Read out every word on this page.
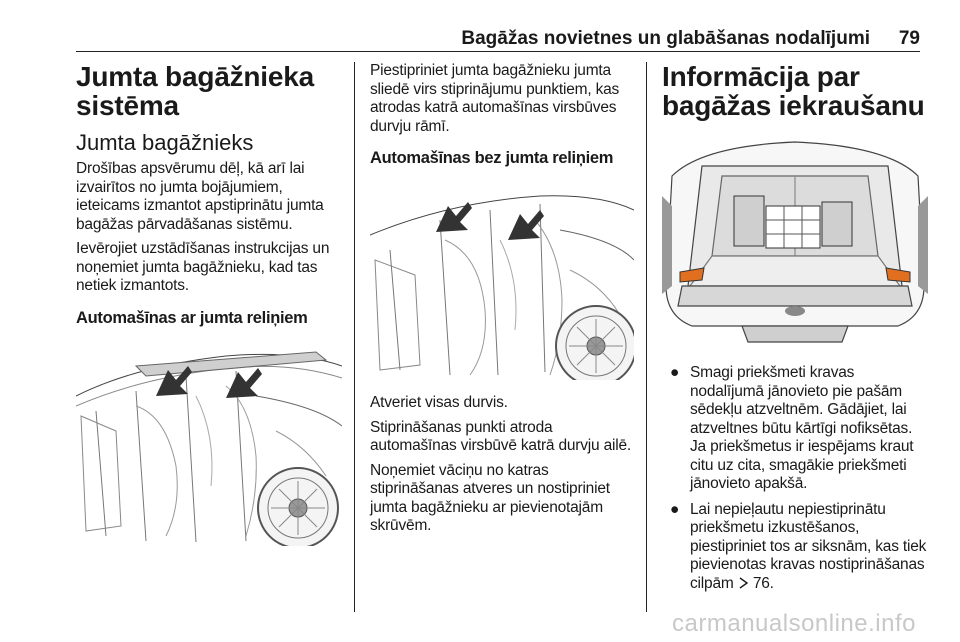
Bagāžas novietnes un glabāšanas nodalījumi 79
Jumta bagāžnieka sistēma
Jumta bagāžnieks

Drošības apsvērumu dēļ, kā arī lai izvairītos no jumta bojājumiem, ieteicams izmantot apstiprinātu jumta bagāžas pārvadāšanas sistēmu.

Ievērojiet uzstādīšanas instrukcijas un noņemiet jumta bagāžnieku, kad tas netiek izmantots.

Automašīnas ar jumta reliņiem

Piestipriniet jumta bagāžnieku jumta sliedē virs stiprinājumu punktiem, kas atrodas katrā automašīnas virsbūves durvju rāmī.

Automašīnas bez jumta reliņiem

Atveriet visas durvis.

Stiprināšanas punkti atroda automašīnas virsbūvē katrā durvju ailē.

Noņemiet vāciņu no katras stiprināšanas atveres un nostipriniet jumta bagāžnieku ar pievienotajām skrūvēm.

Informācija par bagāžas iekraušanu
● Smagi priekšmeti kravas nodalījumā jānovieto pie pašām sēdekļu atzveltnēm. Gādājiet, lai atzveltnes būtu kārtīgi nofiksētas. Ja priekšmetus ir iespējams kraut citu uz cita, smagākie priekšmeti jānovieto apakšā.
● Lai nepieļautu nepiestiprinātu priekšmetu izkustēšanos, piestipriniet tos ar siksnām, kas tiek pievienotas kravas nostiprināšanas cilpām 76.
carmanualsonline.info
